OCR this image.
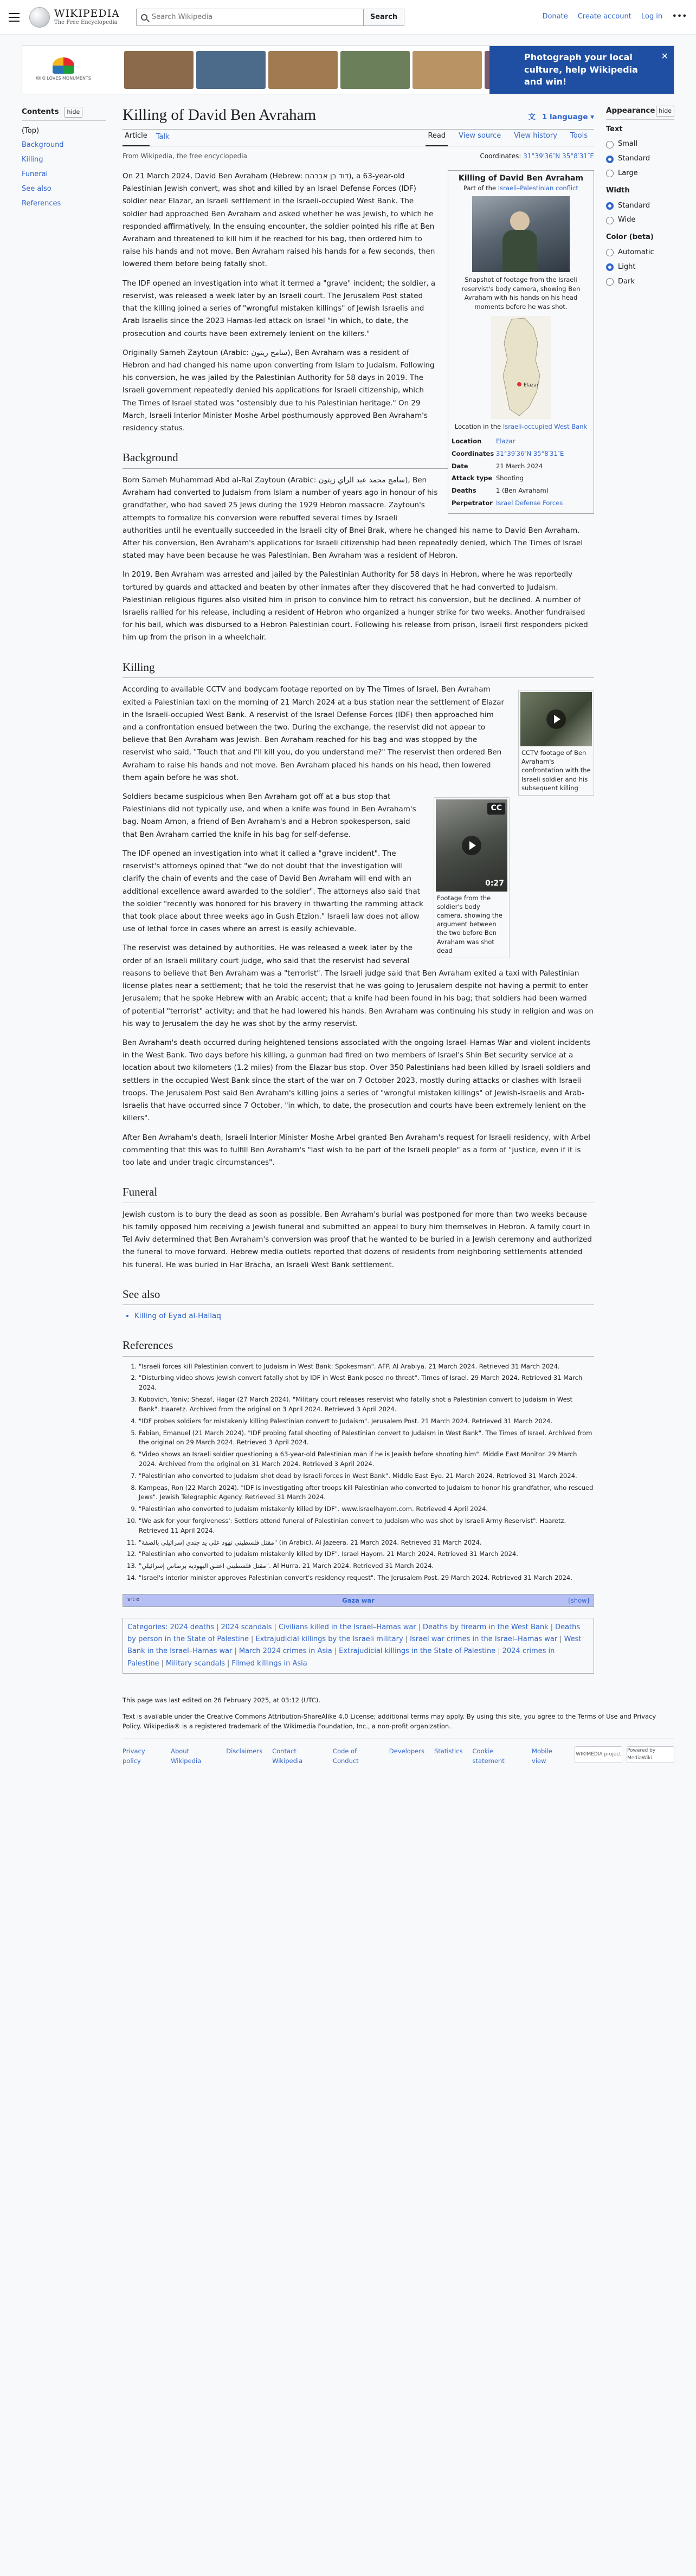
WIKIPEDIA
The Free Encyclopedia
Search Wikipedia
Search	Donate Create account Log in •••
WIKI LOVES MONUMENTS
Photograph your local culture, help Wikipedia and win!
✕
Contents	hide
(Top)
Background
Killing
Funeral
See also
References
Killing of David Ben Avraham	文 1 language ▾
Article	Talk	Read	View source	View history	Tools
From Wikipedia, the free encyclopedia	Coordinates: 31°39′36″N 35°8′31″E
Killing of David Ben Avraham
Part of the Israeli–Palestinian conflict
Snapshot of footage from the Israeli reservist's body camera, showing Ben Avraham with his hands on his head moments before he was shot.
Elazar
Location in the Israeli-occupied West Bank
Location	Elazar
Coordinates 31°39′36″N 35°8′31″E
Date	21 March 2024
Attack type Shooting
Deaths	1 (Ben Avraham)
Perpetrator Israel Defense Forces

On 21 March 2024, David Ben Avraham (Hebrew: דוד בן אברהם), a 63-year-old Palestinian Jewish convert, was shot and killed by an Israel Defense Forces (IDF) soldier near Elazar, an Israeli settlement in the Israeli-occupied West Bank. The soldier had approached Ben Avraham and asked whether he was Jewish, to which he responded affirmatively. In the ensuing encounter, the soldier pointed his rifle at Ben Avraham and threatened to kill him if he reached for his bag, then ordered him to raise his hands and not move. Ben Avraham raised his hands for a few seconds, then lowered them before being fatally shot.

The IDF opened an investigation into what it termed a "grave" incident; the soldier, a reservist, was released a week later by an Israeli court. The Jerusalem Post stated that the killing joined a series of "wrongful mistaken killings" of Jewish Israelis and Arab Israelis since the 2023 Hamas-led attack on Israel "in which, to date, the prosecution and courts have been extremely lenient on the killers."

Originally Sameh Zaytoun (Arabic: سامح زيتون), Ben Avraham was a resident of Hebron and had changed his name upon converting from Islam to Judaism. Following his conversion, he was jailed by the Palestinian Authority for 58 days in 2019. The Israeli government repeatedly denied his applications for Israeli citizenship, which The Times of Israel stated was "ostensibly due to his Palestinian heritage." On 29 March, Israeli Interior Minister Moshe Arbel posthumously approved Ben Avraham's residency status.

Background

Born Sameh Muhammad Abd al-Rai Zaytoun (Arabic: سامح محمد عبد الراي زيتون), Ben Avraham had converted to Judaism from Islam a number of years ago in honour of his grandfather, who had saved 25 Jews during the 1929 Hebron massacre. Zaytoun's attempts to formalize his conversion were rebuffed several times by Israeli authorities until he eventually succeeded in the Israeli city of Bnei Brak, where he changed his name to David Ben Avraham. After his conversion, Ben Avraham's applications for Israeli citizenship had been repeatedly denied, which The Times of Israel stated may have been because he was Palestinian. Ben Avraham was a resident of Hebron.

In 2019, Ben Avraham was arrested and jailed by the Palestinian Authority for 58 days in Hebron, where he was reportedly tortured by guards and attacked and beaten by other inmates after they discovered that he had converted to Judaism. Palestinian religious figures also visited him in prison to convince him to retract his conversion, but he declined. A number of Israelis rallied for his release, including a resident of Hebron who organized a hunger strike for two weeks. Another fundraised for his bail, which was disbursed to a Hebron Palestinian court. Following his release from prison, Israeli first responders picked him up from the prison in a wheelchair.

Killing
CCTV footage of Ben Avraham's confrontation with the Israeli soldier and his subsequent killing

According to available CCTV and bodycam footage reported on by The Times of Israel, Ben Avraham exited a Palestinian taxi on the morning of 21 March 2024 at a bus station near the settlement of Elazar in the Israeli-occupied West Bank. A reservist of the Israel Defense Forces (IDF) then approached him and a confrontation ensued between the two. During the exchange, the reservist did not appear to believe that Ben Avraham was Jewish. Ben Avraham reached for his bag and was stopped by the reservist who said, "Touch that and I'll kill you, do you understand me?" The reservist then ordered Ben Avraham to raise his hands and not move. Ben Avraham placed his hands on his head, then lowered them again before he was shot.

CC
0:27
Footage from the soldier's body camera, showing the argument between the two before Ben Avraham was shot dead

Soldiers became suspicious when Ben Avraham got off at a bus stop that Palestinians did not typically use, and when a knife was found in Ben Avraham's bag. Noam Arnon, a friend of Ben Avraham's and a Hebron spokesperson, said that Ben Avraham carried the knife in his bag for self-defense.

The IDF opened an investigation into what it called a "grave incident". The reservist's attorneys opined that "we do not doubt that the investigation will clarify the chain of events and the case of David Ben Avraham will end with an additional excellence award awarded to the soldier". The attorneys also said that the soldier "recently was honored for his bravery in thwarting the ramming attack that took place about three weeks ago in Gush Etzion." Israeli law does not allow use of lethal force in cases where an arrest is easily achievable.

The reservist was detained by authorities. He was released a week later by the order of an Israeli military court judge, who said that the reservist had several reasons to believe that Ben Avraham was a "terrorist". The Israeli judge said that Ben Avraham exited a taxi with Palestinian license plates near a settlement; that he told the reservist that he was going to Jerusalem despite not having a permit to enter Jerusalem; that he spoke Hebrew with an Arabic accent; that a knife had been found in his bag; that soldiers had been warned of potential "terrorist" activity; and that he had lowered his hands. Ben Avraham was continuing his study in religion and was on his way to Jerusalem the day he was shot by the army reservist.

Ben Avraham's death occurred during heightened tensions associated with the ongoing Israel–Hamas War and violent incidents in the West Bank. Two days before his killing, a gunman had fired on two members of Israel's Shin Bet security service at a location about two kilometers (1.2 miles) from the Elazar bus stop. Over 350 Palestinians had been killed by Israeli soldiers and settlers in the occupied West Bank since the start of the war on 7 October 2023, mostly during attacks or clashes with Israeli troops. The Jerusalem Post said Ben Avraham's killing joins a series of "wrongful mistaken killings" of Jewish-Israelis and Arab-Israelis that have occurred since 7 October, "in which, to date, the prosecution and courts have been extremely lenient on the killers".

After Ben Avraham's death, Israeli Interior Minister Moshe Arbel granted Ben Avraham's request for Israeli residency, with Arbel commenting that this was to fulfill Ben Avraham's "last wish to be part of the Israeli people" as a form of "justice, even if it is too late and under tragic circumstances".

Funeral

Jewish custom is to bury the dead as soon as possible. Ben Avraham's burial was postponed for more than two weeks because his family opposed him receiving a Jewish funeral and submitted an appeal to bury him themselves in Hebron. A family court in Tel Aviv determined that Ben Avraham's conversion was proof that he wanted to be buried in a Jewish ceremony and authorized the funeral to move forward. Hebrew media outlets reported that dozens of residents from neighboring settlements attended his funeral. He was buried in Har Brācha, an Israeli West Bank settlement.

See also
• Killing of Eyad al-Hallaq
References
1. "Israeli forces kill Palestinian convert to Judaism in West Bank: Spokesman". AFP. Al Arabiya. 21 March 2024. Retrieved 31 March 2024.
2. "Disturbing video shows Jewish convert fatally shot by IDF in West Bank posed no threat". Times of Israel. 29 March 2024. Retrieved 31 March 2024.
3. Kubovich, Yaniv; Shezaf, Hagar (27 March 2024). "Military court releases reservist who fatally shot a Palestinian convert to Judaism in West Bank". Haaretz. Archived from the original on 3 April 2024. Retrieved 3 April 2024.
4. "IDF probes soldiers for mistakenly killing Palestinian convert to Judaism". Jerusalem Post. 21 March 2024. Retrieved 31 March 2024.
5. Fabian, Emanuel (21 March 2024). "IDF probing fatal shooting of Palestinian convert to Judaism in West Bank". The Times of Israel. Archived from the original on 29 March 2024. Retrieved 3 April 2024.
6. "Video shows an Israeli soldier questioning a 63-year-old Palestinian man if he is Jewish before shooting him". Middle East Monitor. 29 March 2024. Archived from the original on 31 March 2024. Retrieved 3 April 2024.
7. "Palestinian who converted to Judaism shot dead by Israeli forces in West Bank". Middle East Eye. 21 March 2024. Retrieved 31 March 2024.
8. Kampeas, Ron (22 March 2024). "IDF is investigating after troops kill Palestinian who converted to Judaism to honor his grandfather, who rescued Jews". Jewish Telegraphic Agency. Retrieved 31 March 2024.
9. "Palestinian who converted to Judaism mistakenly killed by IDF". www.israelhayom.com. Retrieved 4 April 2024.
10. "We ask for your forgiveness': Settlers attend funeral of Palestinian convert to Judaism who was shot by Israeli Army Reservist". Haaretz. Retrieved 11 April 2024.
11. "مقتل فلسطيني تهود على يد جندي إسرائيلي بالضفة" (in Arabic). Al Jazeera. 21 March 2024. Retrieved 31 March 2024.
12. "Palestinian who converted to Judaism mistakenly killed by IDF". Israel Hayom. 21 March 2024. Retrieved 31 March 2024.
13. "مقتل فلسطيني اعتنق اليهودية برصاص إسرائيلي". Al Hurra. 21 March 2024. Retrieved 31 March 2024.
14. "Israel's interior minister approves Palestinian convert's residency request". The Jerusalem Post. 29 March 2024. Retrieved 31 March 2024.
v·t·e	Gaza war	[show]
Categories: 2024 deaths | 2024 scandals | Civilians killed in the Israel–Hamas war | Deaths by firearm in the West Bank | Deaths by person in the State of Palestine | Extrajudicial killings by the Israeli military | Israel war crimes in the Israel–Hamas war | West Bank in the Israel–Hamas war | March 2024 crimes in Asia | Extrajudicial killings in the State of Palestine | 2024 crimes in Palestine | Military scandals | Filmed killings in Asia
Appearance hide
Text
Small
Standard
Large
Width
Standard
Wide
Color (beta)
Automatic
Light
Dark

This page was last edited on 26 February 2025, at 03:12 (UTC).

Text is available under the Creative Commons Attribution-ShareAlike 4.0 License; additional terms may apply. By using this site, you agree to the Terms of Use and Privacy Policy. Wikipedia® is a registered trademark of the Wikimedia Foundation, Inc., a non-profit organization.

Privacy policy
About Wikipedia
Disclaimers Contact Wikipedia
Code of Conduct
Developers Statistics Cookie statement
Mobile view
WIKIMEDIA project
Powered by MediaWiki
